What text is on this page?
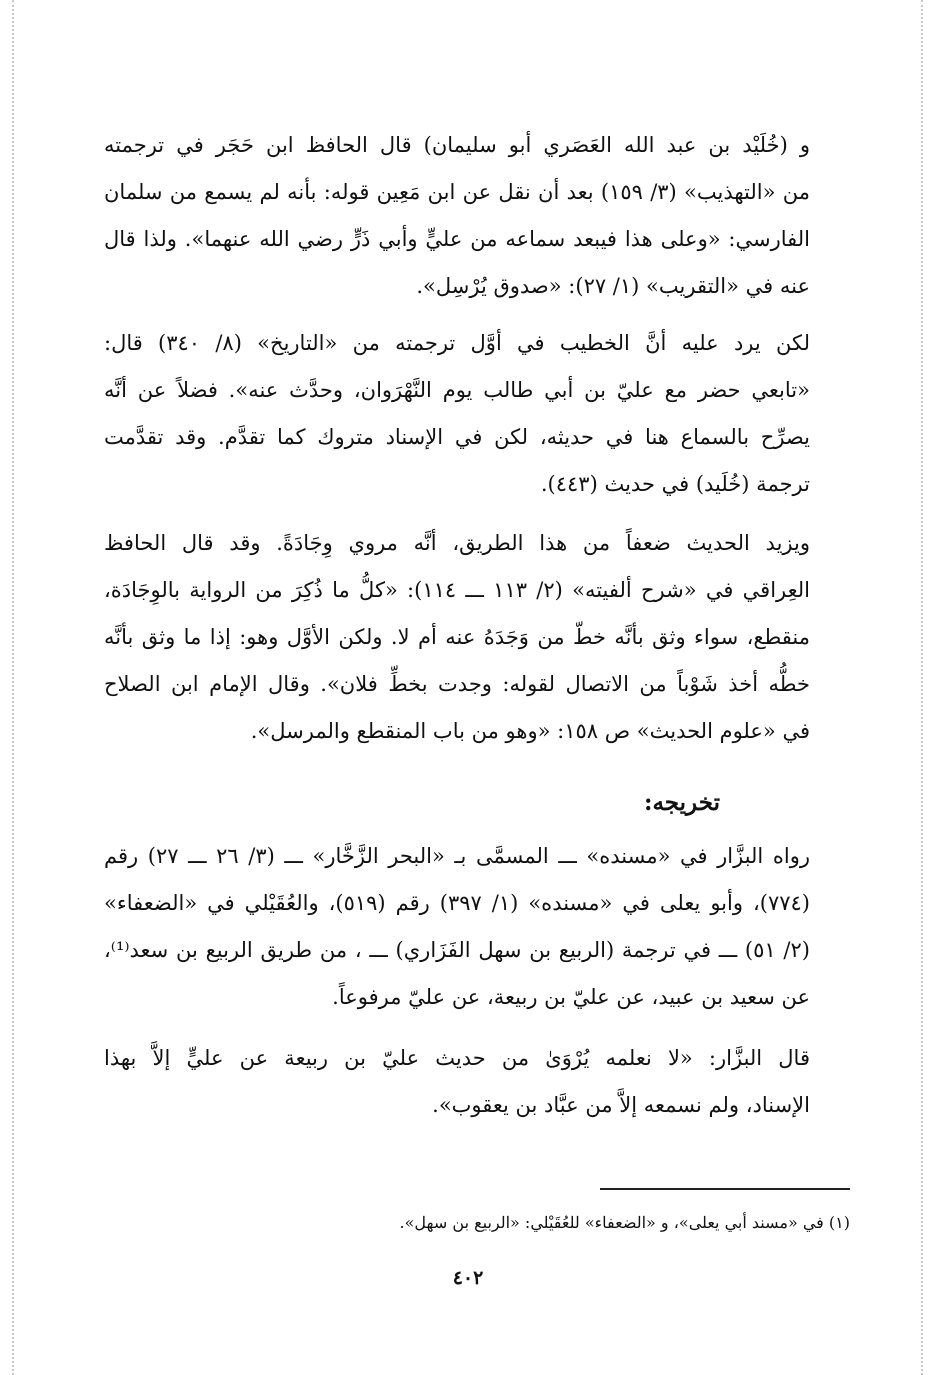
و (خُلَيْد بن عبد الله العَصَري أبو سليمان) قال الحافظ ابن حَجَر في ترجمته
من «التهذيب» (٣/ ١٥٩) بعد أن نقل عن ابن مَعِين قوله: بأنه لم يسمع من سلمان
الفارسي: «وعلى هذا فيبعد سماعه من عليٍّ وأبي ذَرٍّ رضي الله عنهما». ولذا قال
عنه في «التقريب» (١/ ٢٧): «صدوق يُرْسِل».
لكن يرد عليه أنَّ الخطيب في أوَّل ترجمته من «التاريخ» (٨/ ٣٤٠) قال:
«تابعي حضر مع عليّ بن أبي طالب يوم النَّهْرَوان، وحدَّث عنه». فضلاً عن أنَّه
يصرِّح بالسماع هنا في حديثه، لكن في الإسناد متروك كما تقدَّم. وقد تقدَّمت
ترجمة (خُلَيد) في حديث (٤٤٣).
ويزيد الحديث ضعفاً من هذا الطريق، أنَّه مروي وِجَادَةً. وقد قال الحافظ
العِراقي في «شرح ألفيته» (٢/ ١١٣ ـــ ١١٤): «كلُّ ما ذُكِرَ من الرواية بالوِجَادَة،
منقطع، سواء وثق بأنَّه خطّ من وَجَدَهُ عنه أم لا. ولكن الأوَّل وهو: إذا ما وثق بأنَّه
خطُّه أخذ شَوْباً من الاتصال لقوله: وجدت بخطِّ فلان». وقال الإمام ابن الصلاح
في «علوم الحديث» ص ١٥٨: «وهو من باب المنقطع والمرسل».
تخريجه:
رواه البزَّار في «مسنده» ـــ المسمَّى بـ «البحر الزَّخَّار» ـــ (٣/ ٢٦ ـــ ٢٧) رقم
(٧٧٤)، وأبو يعلى في «مسنده» (١/ ٣٩٧) رقم (٥١٩)، والعُقَيْلي في «الضعفاء»
(٢/ ٥١) ـــ في ترجمة (الربيع بن سهل الفَزَاري) ـــ ، من طريق الربيع بن سعد⁽¹⁾،
عن سعيد بن عبيد، عن عليّ بن ربيعة، عن عليّ مرفوعاً.
قال البزَّار: «لا نعلمه يُرْوَىٰ من حديث عليّ بن ربيعة عن عليٍّ إلاَّ بهذا
الإسناد، ولم نسمعه إلاَّ من عبَّاد بن يعقوب».
(١) في «مسند أبي يعلى»، و «الضعفاء» للعُقَيْلي: «الربيع بن سهل».
٤٠٢
